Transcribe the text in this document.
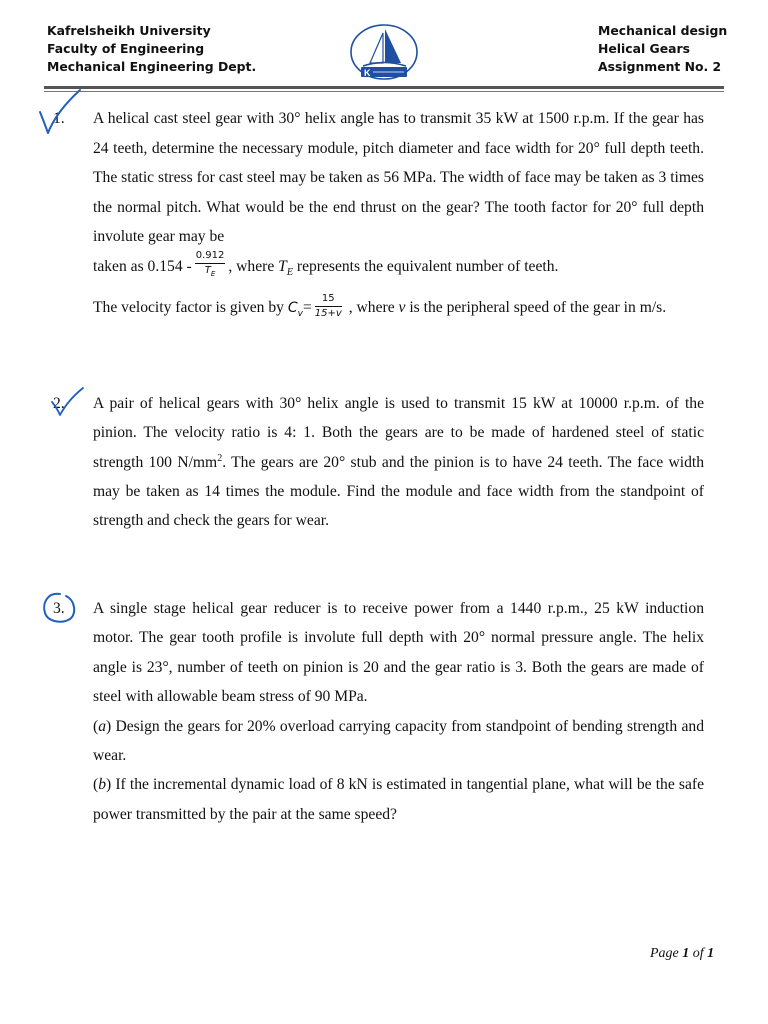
Kafrelsheikh University
Faculty of Engineering
Mechanical Engineering Dept.	K
Mechanical design
Helical Gears
Assignment No. 2
1. A helical cast steel gear with 30° helix angle has to transmit 35 kW at 1500 r.p.m. If the gear has 24 teeth, determine the necessary module, pitch diameter and face width for 20° full depth teeth. The static stress for cast steel may be taken as 56 MPa. The width of face may be taken as 3 times the normal pitch. What would be the end thrust on the gear? The tooth factor for 20° full depth involute gear may be

taken as $0.154 - \frac{0.912}{T_E}$ , where $T_E$ represents the equivalent number of teeth.

The velocity factor is given by $C_v= \frac{15}{15+v}$ , where v is the peripheral speed of the gear in m/s.

2. A pair of helical gears with 30° helix angle is used to transmit 15 kW at 10000 r.p.m. of the pinion. The velocity ratio is 4: 1. Both the gears are to be made of hardened steel of static strength 100 $N/mm^2$. The gears are 20° stub and the pinion is to have 24 teeth. The face width may be taken as 14 times the module. Find the module and face width from the standpoint of strength and check the gears for wear.

3. A single stage helical gear reducer is to receive power from a 1440 r.p.m., 25 kW induction motor. The gear tooth profile is involute full depth with 20° normal pressure angle. The helix angle is 23°, number of teeth on pinion is 20 and the gear ratio is 3. Both the gears are made of steel with allowable beam stress of 90 MPa.

(a) Design the gears for 20% overload carrying capacity from standpoint of bending strength and wear.

(b) If the incremental dynamic load of 8 kN is estimated in tangential plane, what will be the safe power transmitted by the pair at the same speed?

Page 1 of 1
